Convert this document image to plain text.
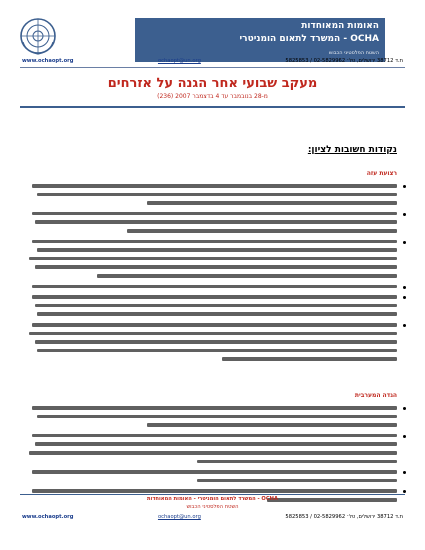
האומות המאוחדות
OCHA - המשרד לתאום הומניטרי
השטח הפלסטיני הכבוש
ת.ד 38712 ירושלים, טל׳ 02-5829962 / 5825853
ochaopt@un.org
www.ochaopt.org
מעקב שבועי אחר הגנה על אזרחים
מ-28 בנובמבר עד 4 בדצמבר 2007 (236)
נקודות חשובות לציון:
רצועת עזה
הגדה המערבית
OCHA - המשרד לתאום הומניטרי - האומות המאוחדות
השטח הפלסטיני הכבוש
ת.ד 38712 ירושלים, טל׳ 02-5829962 / 5825853
ochaopt@un.org
www.ochaopt.org
